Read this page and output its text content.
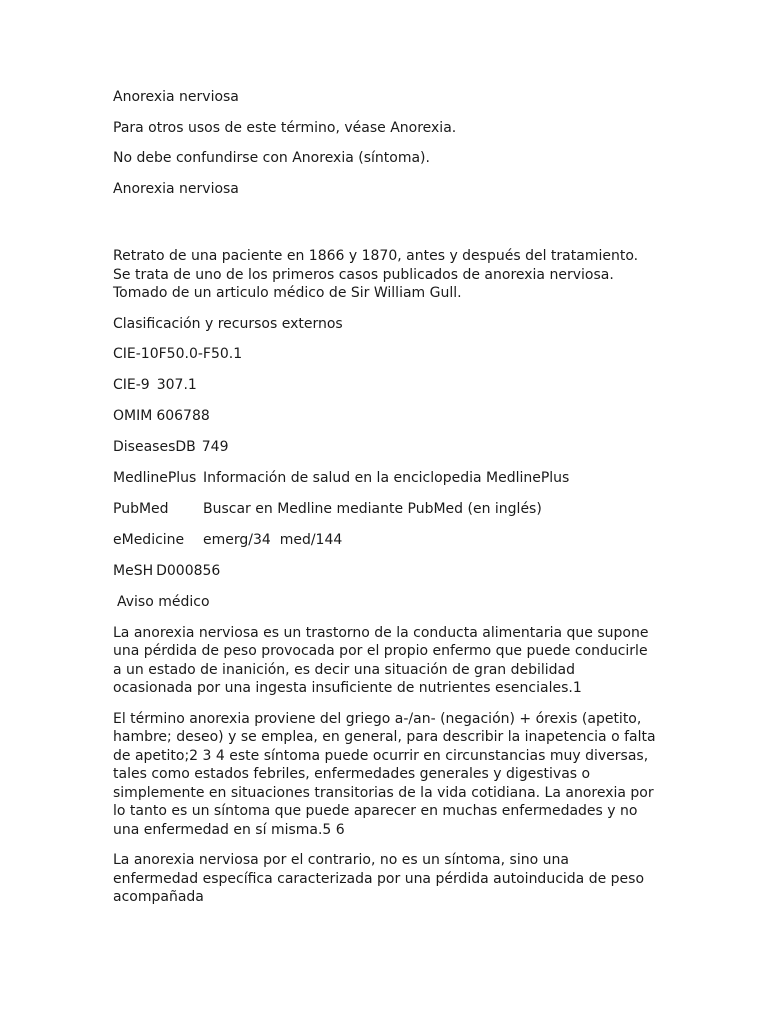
Anorexia nerviosa

Para otros usos de este término, véase Anorexia.

No debe confundirse con Anorexia (síntoma).

Anorexia nerviosa

Retrato de una paciente en 1866 y 1870, antes y después del tratamiento. Se trata de uno de los primeros casos publicados de anorexia nerviosa. Tomado de un articulo médico de Sir William Gull.

Clasificación y recursos externos

CIE-10 F50.0-F50.1
CIE-9 307.1
OMIM 606788
DiseasesDB 749
MedlinePlus Información de salud en la enciclopedia MedlinePlus
PubMed	Buscar en Medline mediante PubMed (en inglés)
eMedicine	emerg/34  med/144
MeSH D000856

Aviso médico

La anorexia nerviosa es un trastorno de la conducta alimentaria que supone una pérdida de peso provocada por el propio enfermo que puede conducirle a un estado de inanición, es decir una situación de gran debilidad ocasionada por una ingesta insuficiente de nutrientes esenciales.1

El término anorexia proviene del griego a-/an- (negación) + órexis (apetito, hambre; deseo) y se emplea, en general, para describir la inapetencia o falta de apetito;2 3 4 este síntoma puede ocurrir en circunstancias muy diversas, tales como estados febriles, enfermedades generales y digestivas o simplemente en situaciones transitorias de la vida cotidiana. La anorexia por lo tanto es un síntoma que puede aparecer en muchas enfermedades y no una enfermedad en sí misma.5 6

La anorexia nerviosa por el contrario, no es un síntoma, sino una enfermedad específica caracterizada por una pérdida autoinducida de peso acompañada
